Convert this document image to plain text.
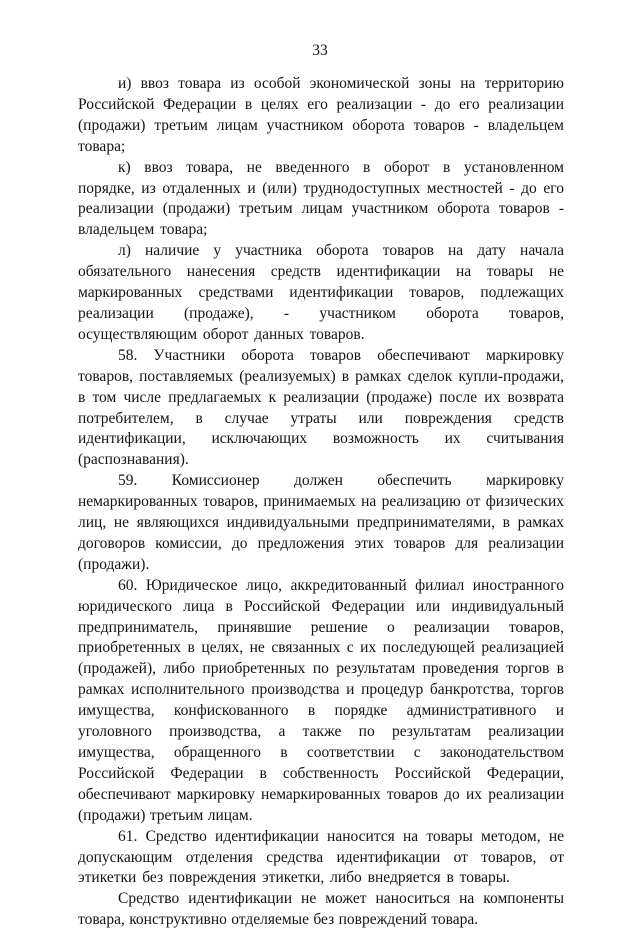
33

и) ввоз товара из особой экономической зоны на территорию Российской Федерации в целях его реализации - до его реализации (продажи) третьим лицам участником оборота товаров - владельцем товара;

к) ввоз товара, не введенного в оборот в установленном порядке, из отдаленных и (или) труднодоступных местностей - до его реализации (продажи) третьим лицам участником оборота товаров - владельцем товара;

л) наличие у участника оборота товаров на дату начала обязательного нанесения средств идентификации на товары не маркированных средствами идентификации товаров, подлежащих реализации (продаже), - участником оборота товаров, осуществляющим оборот данных товаров.

58. Участники оборота товаров обеспечивают маркировку товаров, поставляемых (реализуемых) в рамках сделок купли-продажи, в том числе предлагаемых к реализации (продаже) после их возврата потребителем, в случае утраты или повреждения средств идентификации, исключающих возможность их считывания (распознавания).

59. Комиссионер должен обеспечить маркировку немаркированных товаров, принимаемых на реализацию от физических лиц, не являющихся индивидуальными предпринимателями, в рамках договоров комиссии, до предложения этих товаров для реализации (продажи).

60. Юридическое лицо, аккредитованный филиал иностранного юридического лица в Российской Федерации или индивидуальный предприниматель, принявшие решение о реализации товаров, приобретенных в целях, не связанных с их последующей реализацией (продажей), либо приобретенных по результатам проведения торгов в рамках исполнительного производства и процедур банкротства, торгов имущества, конфискованного в порядке административного и уголовного производства, а также по результатам реализации имущества, обращенного в соответствии с законодательством Российской Федерации в собственность Российской Федерации, обеспечивают маркировку немаркированных товаров до их реализации (продажи) третьим лицам.

61. Средство идентификации наносится на товары методом, не допускающим отделения средства идентификации от товаров, от этикетки без повреждения этикетки, либо внедряется в товары.

Средство идентификации не может наноситься на компоненты товара, конструктивно отделяемые без повреждений товара.
